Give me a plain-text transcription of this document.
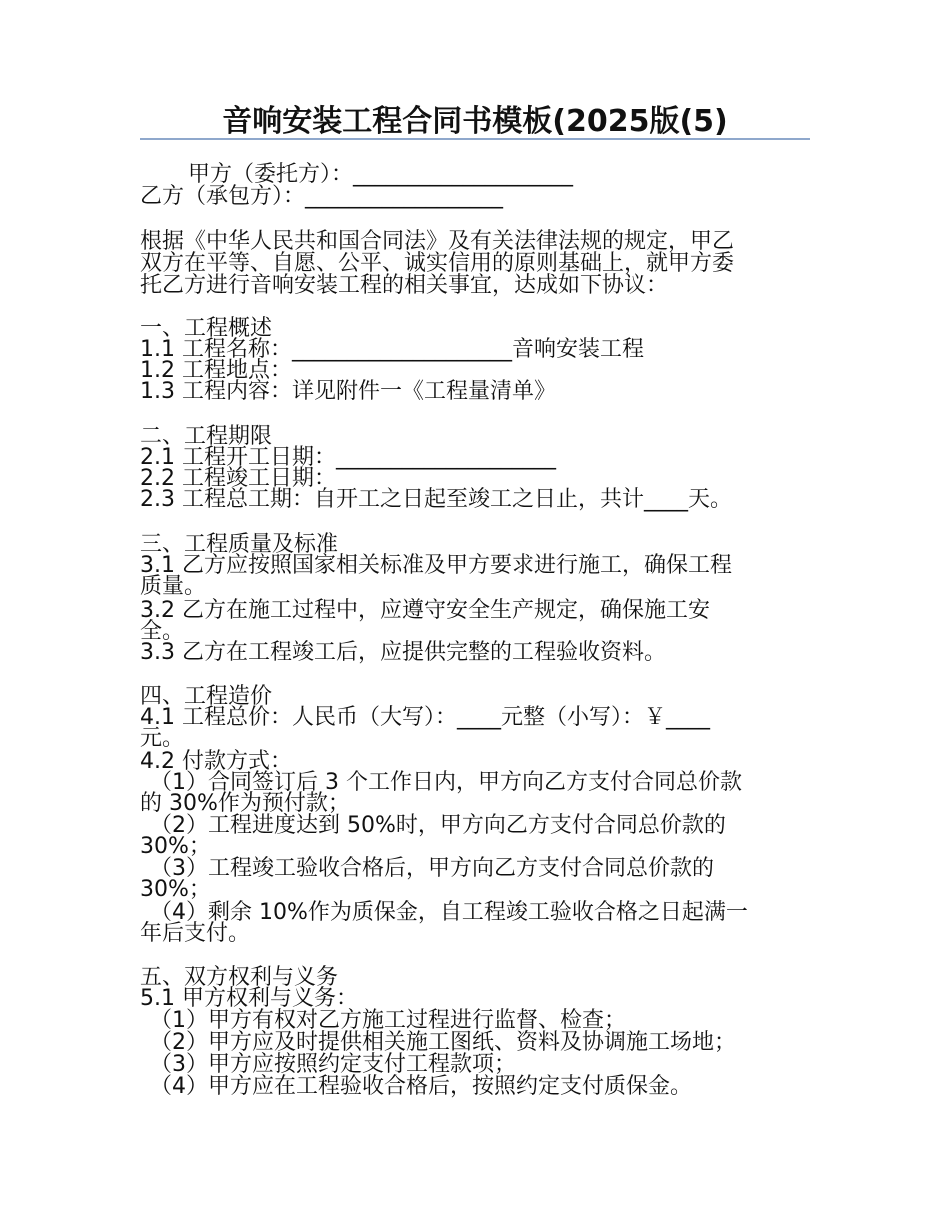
音响安装工程合同书模板(2025版(5)
甲方（委托方）：____________________
乙方（承包方）：__________________
根据《中华人民共和国合同法》及有关法律法规的规定，甲乙
双方在平等、自愿、公平、诚实信用的原则基础上，就甲方委
托乙方进行音响安装工程的相关事宜，达成如下协议：
一、工程概述
1.1 工程名称：____________________音响安装工程
1.2 工程地点：
1.3 工程内容：详见附件一《工程量清单》
二、工程期限
2.1 工程开工日期：____________________
2.2 工程竣工日期：
2.3 工程总工期：自开工之日起至竣工之日止，共计____天。
三、工程质量及标准
3.1 乙方应按照国家相关标准及甲方要求进行施工，确保工程
质量。
3.2 乙方在施工过程中，应遵守安全生产规定，确保施工安
全。
3.3 乙方在工程竣工后，应提供完整的工程验收资料。
四、工程造价
4.1 工程总价：人民币（大写）：____元整（小写）：￥____
元。
4.2 付款方式：
（1）合同签订后 3 个工作日内，甲方向乙方支付合同总价款
的 30%作为预付款；
（2）工程进度达到 50%时，甲方向乙方支付合同总价款的
30%；
（3）工程竣工验收合格后，甲方向乙方支付合同总价款的
30%；
（4）剩余 10%作为质保金，自工程竣工验收合格之日起满一
年后支付。
五、双方权利与义务
5.1 甲方权利与义务：
（1）甲方有权对乙方施工过程进行监督、检查；
（2）甲方应及时提供相关施工图纸、资料及协调施工场地；
（3）甲方应按照约定支付工程款项；
（4）甲方应在工程验收合格后，按照约定支付质保金。
